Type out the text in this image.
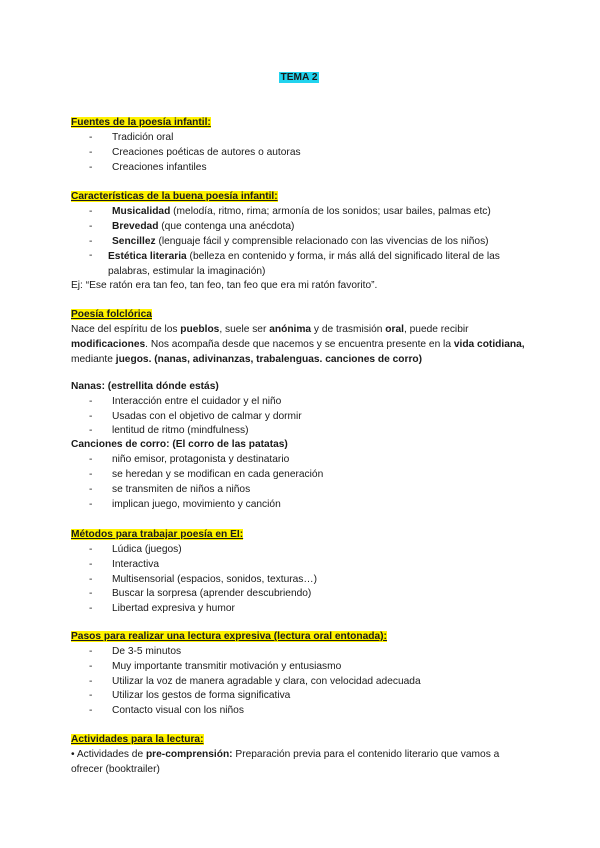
TEMA 2
Fuentes de la poesía infantil:
- Tradición oral
- Creaciones poéticas de autores o autoras
- Creaciones infantiles
Características de la buena poesía infantil:
- Musicalidad (melodía, ritmo, rima; armonía de los sonidos; usar bailes, palmas etc)
- Brevedad (que contenga una anécdota)
- Sencillez (lenguaje fácil y comprensible relacionado con las vivencias de los niños)
-	Estética literaria (belleza en contenido y forma, ir más allá del significado literal de las palabras, estimular la imaginación)
Ej: “Ese ratón era tan feo, tan feo, tan feo que era mi ratón favorito”.
Poesía folclórica
Nace del espíritu de los pueblos, suele ser anónima y de trasmisión oral, puede recibir modificaciones. Nos acompaña desde que nacemos y se encuentra presente en la vida cotidiana, mediante juegos. (nanas, adivinanzas, trabalenguas. canciones de corro)
Nanas: (estrellita dónde estás)
- Interacción entre el cuidador y el niño
- Usadas con el objetivo de calmar y dormir
- lentitud de ritmo (mindfulness)
Canciones de corro: (El corro de las patatas)
- niño emisor, protagonista y destinatario
- se heredan y se modifican en cada generación
- se transmiten de niños a niños
- implican juego, movimiento y canción
Métodos para trabajar poesía en EI:
- Lúdica (juegos)
- Interactiva
- Multisensorial (espacios, sonidos, texturas…)
- Buscar la sorpresa (aprender descubriendo)
- Libertad expresiva y humor
Pasos para realizar una lectura expresiva (lectura oral entonada):
- De 3-5 minutos
- Muy importante transmitir motivación y entusiasmo
- Utilizar la voz de manera agradable y clara, con velocidad adecuada
- Utilizar los gestos de forma significativa
- Contacto visual con los niños
Actividades para la lectura:
• Actividades de pre-comprensión: Preparación previa para el contenido literario que vamos a ofrecer (booktrailer)
